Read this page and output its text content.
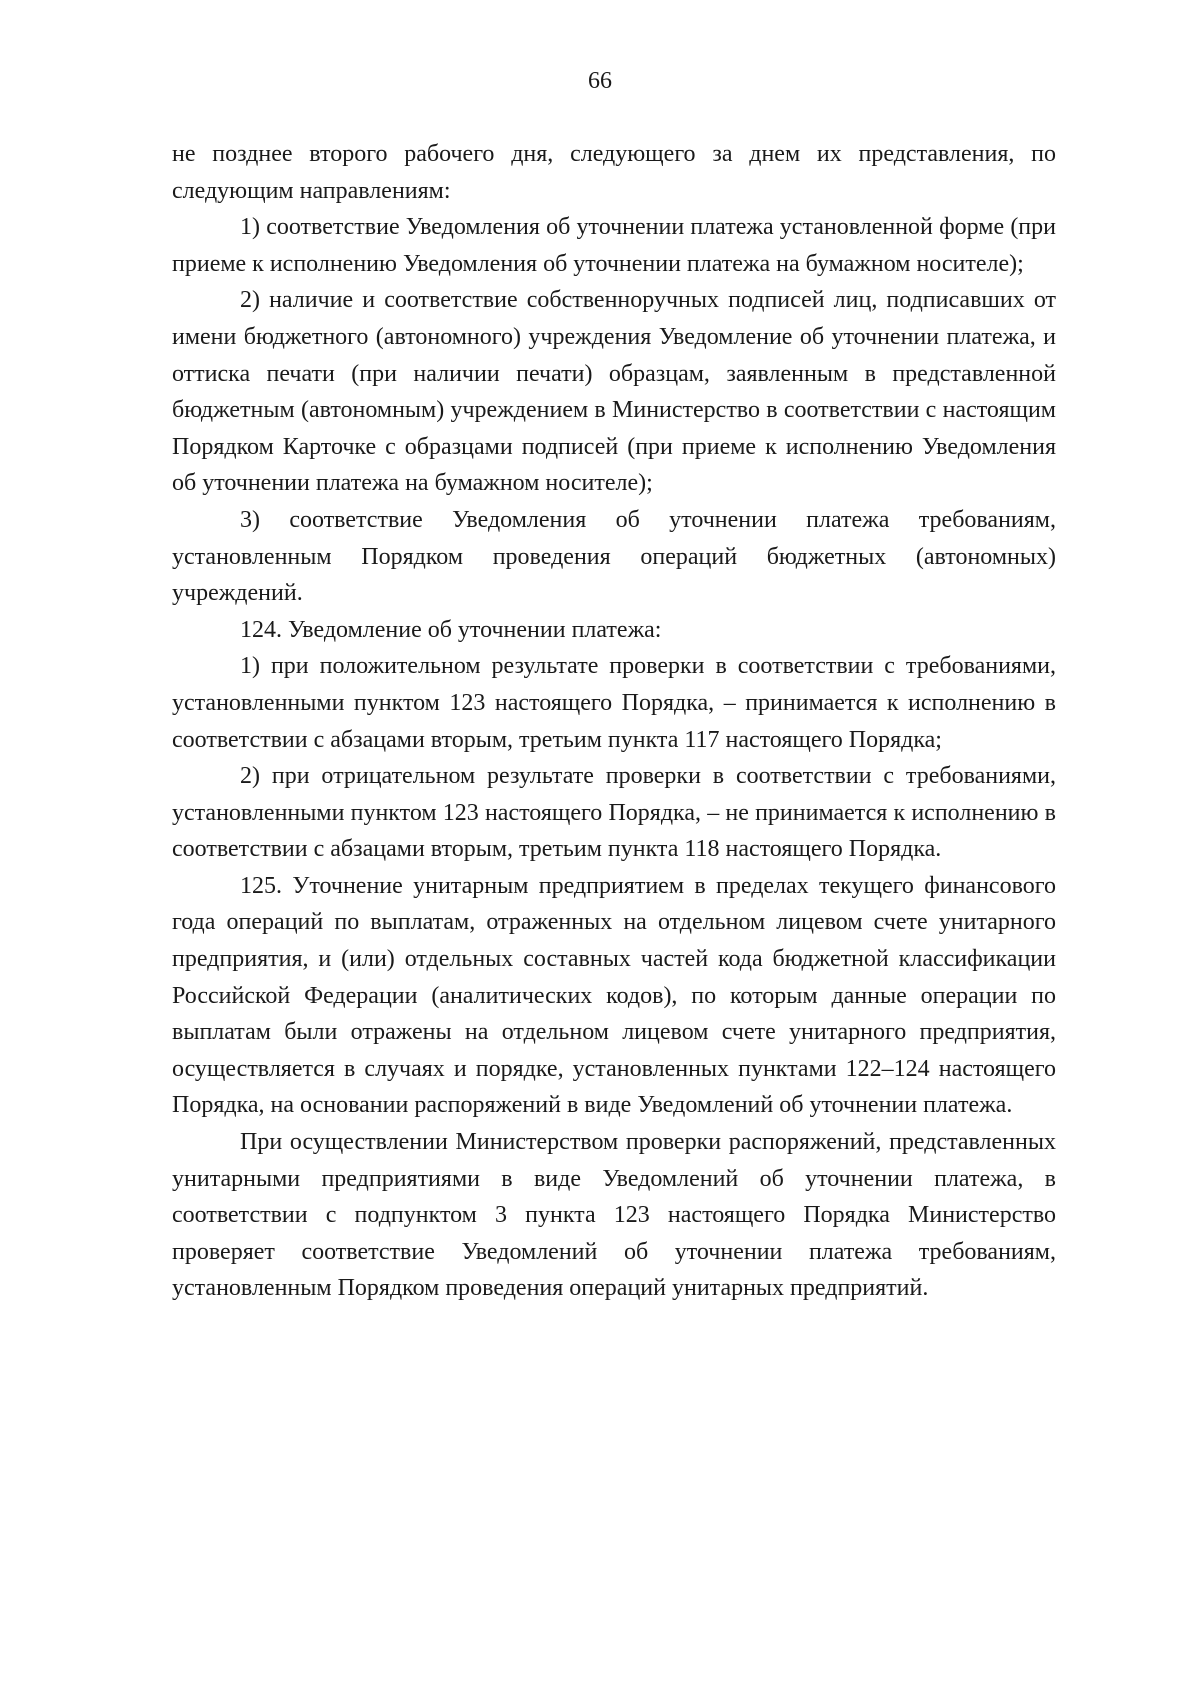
66

не позднее второго рабочего дня, следующего за днем их представления, по следующим направлениям:

1) соответствие Уведомления об уточнении платежа установленной форме (при приеме к исполнению Уведомления об уточнении платежа на бумажном носителе);

2) наличие и соответствие собственноручных подписей лиц, подписавших от имени бюджетного (автономного) учреждения Уведомление об уточнении платежа, и оттиска печати (при наличии печати) образцам, заявленным в представленной бюджетным (автономным) учреждением в Министерство в соответствии с настоящим Порядком Карточке с образцами подписей (при приеме к исполнению Уведомления об уточнении платежа на бумажном носителе);

3) соответствие Уведомления об уточнении платежа требованиям, установленным Порядком проведения операций бюджетных (автономных) учреждений.

124. Уведомление об уточнении платежа:

1) при положительном результате проверки в соответствии с требованиями, установленными пунктом 123 настоящего Порядка, – принимается к исполнению в соответствии с абзацами вторым, третьим пункта 117 настоящего Порядка;

2) при отрицательном результате проверки в соответствии с требованиями, установленными пунктом 123 настоящего Порядка, – не принимается к исполнению в соответствии с абзацами вторым, третьим пункта 118 настоящего Порядка.

125. Уточнение унитарным предприятием в пределах текущего финансового года операций по выплатам, отраженных на отдельном лицевом счете унитарного предприятия, и (или) отдельных составных частей кода бюджетной классификации Российской Федерации (аналитических кодов), по которым данные операции по выплатам были отражены на отдельном лицевом счете унитарного предприятия, осуществляется в случаях и порядке, установленных пунктами 122–124 настоящего Порядка, на основании распоряжений в виде Уведомлений об уточнении платежа.

При осуществлении Министерством проверки распоряжений, представленных унитарными предприятиями в виде Уведомлений об уточнении платежа, в соответствии с подпунктом 3 пункта 123 настоящего Порядка Министерство проверяет соответствие Уведомлений об уточнении платежа требованиям, установленным Порядком проведения операций унитарных предприятий.
